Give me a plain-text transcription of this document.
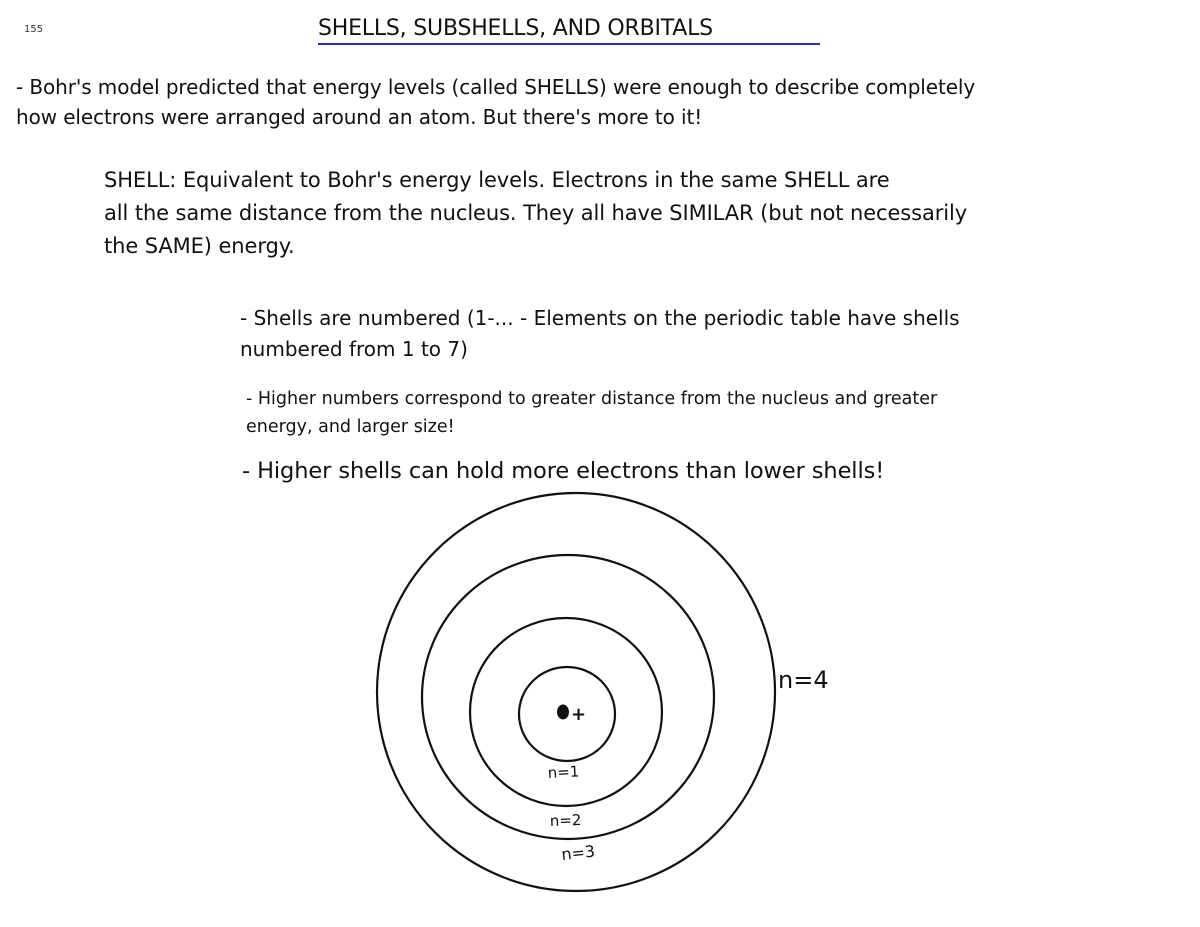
155	SHELLS, SUBSHELLS, AND ORBITALS
- Bohr's model predicted that energy levels (called SHELLS) were enough to describe completely
how electrons were arranged around an atom. But there's more to it!
SHELL: Equivalent to Bohr's energy levels. Electrons in the same SHELL are
all the same distance from the nucleus. They all have SIMILAR (but not necessarily
the SAME) energy.
- Shells are numbered (1-... - Elements on the periodic table have shells
numbered from 1 to 7)
- Higher numbers correspond to greater distance from the nucleus and greater
energy, and larger size!
- Higher shells can hold more electrons than lower shells!
+
n=1
n=2
n=3
n=4
